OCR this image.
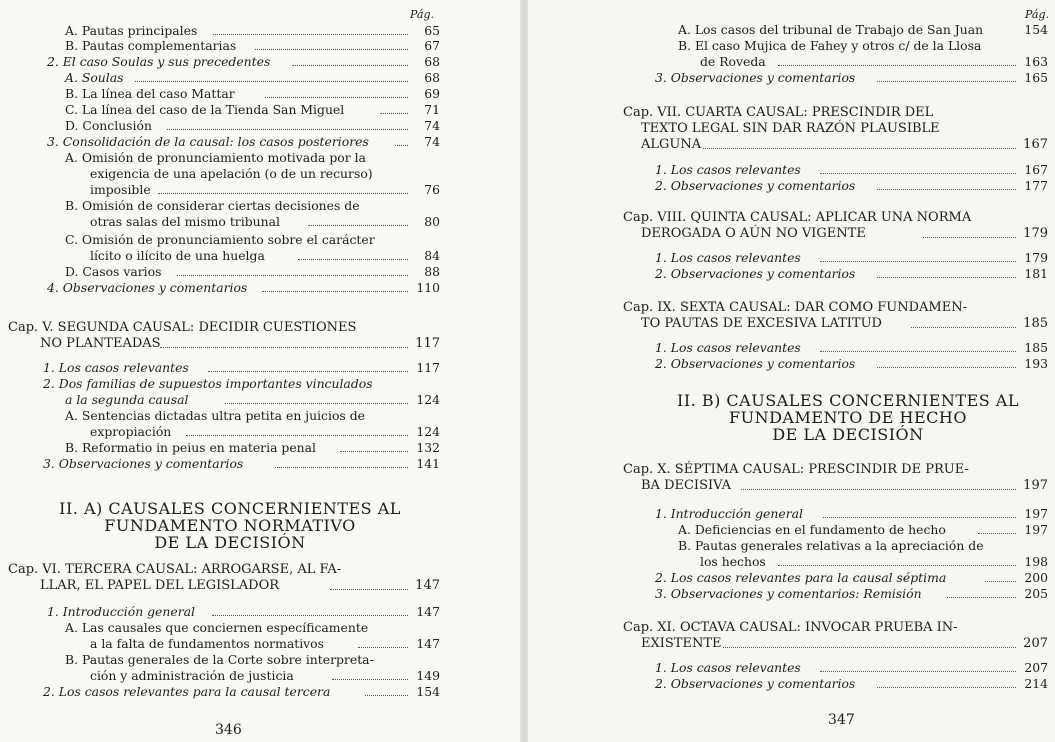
Pág.
A. Pautas principales	65
B. Pautas complementarias	67
2. El caso Soulas y sus precedentes	68
A. Soulas	68
B. La línea del caso Mattar	69
C. La línea del caso de la Tienda San Miguel	71
D. Conclusión	74
3. Consolidación de la causal: los casos posteriores	74
A. Omisión de pronunciamiento motivada por la
exigencia de una apelación (o de un recurso)
imposible	76
B. Omisión de considerar ciertas decisiones de
otras salas del mismo tribunal	80
C. Omisión de pronunciamiento sobre el carácter
lícito o ilícito de una huelga	84
D. Casos varios	88
4. Observaciones y comentarios	110
Cap. V. SEGUNDA CAUSAL: DECIDIR CUESTIONES
NO PLANTEADAS	117
1. Los casos relevantes	117
2. Dos familias de supuestos importantes vinculados
a la segunda causal	124
A. Sentencias dictadas ultra petita en juicios de
expropiación	124
B. Reformatio in peius en materia penal	132
3. Observaciones y comentarios	141
II. A) CAUSALES CONCERNIENTES AL
FUNDAMENTO NORMATIVO
DE LA DECISIÓN
Cap. VI. TERCERA CAUSAL: ARROGARSE, AL FA-
LLAR, EL PAPEL DEL LEGISLADOR	147
1. Introducción general	147
A. Las causales que conciernen específicamente
a la falta de fundamentos normativos	147
B. Pautas generales de la Corte sobre interpreta-
ción y administración de justicia	149
2. Los casos relevantes para la causal tercera	154
346
Pág.
A. Los casos del tribunal de Trabajo de San Juan	154
B. El caso Mujica de Fahey y otros c/ de la Llosa
de Roveda	163
3. Observaciones y comentarios	165
Cap. VII. CUARTA CAUSAL: PRESCINDIR DEL
TEXTO LEGAL SIN DAR RAZÓN PLAUSIBLE
ALGUNA	167
1. Los casos relevantes	167
2. Observaciones y comentarios	177
Cap. VIII. QUINTA CAUSAL: APLICAR UNA NORMA
DEROGADA O AÚN NO VIGENTE	179
1. Los casos relevantes	179
2. Observaciones y comentarios	181
Cap. IX. SEXTA CAUSAL: DAR COMO FUNDAMEN-
TO PAUTAS DE EXCESIVA LATITUD	185
1. Los casos relevantes	185
2. Observaciones y comentarios	193
II. B) CAUSALES CONCERNIENTES AL
FUNDAMENTO DE HECHO
DE LA DECISIÓN
Cap. X. SÉPTIMA CAUSAL: PRESCINDIR DE PRUE-
BA DECISIVA	197
1. Introducción general	197
A. Deficiencias en el fundamento de hecho	197
B. Pautas generales relativas a la apreciación de
los hechos	198
2. Los casos relevantes para la causal séptima	200
3. Observaciones y comentarios: Remisión	205
Cap. XI. OCTAVA CAUSAL: INVOCAR PRUEBA IN-
EXISTENTE	207
1. Los casos relevantes	207
2. Observaciones y comentarios	214
347
